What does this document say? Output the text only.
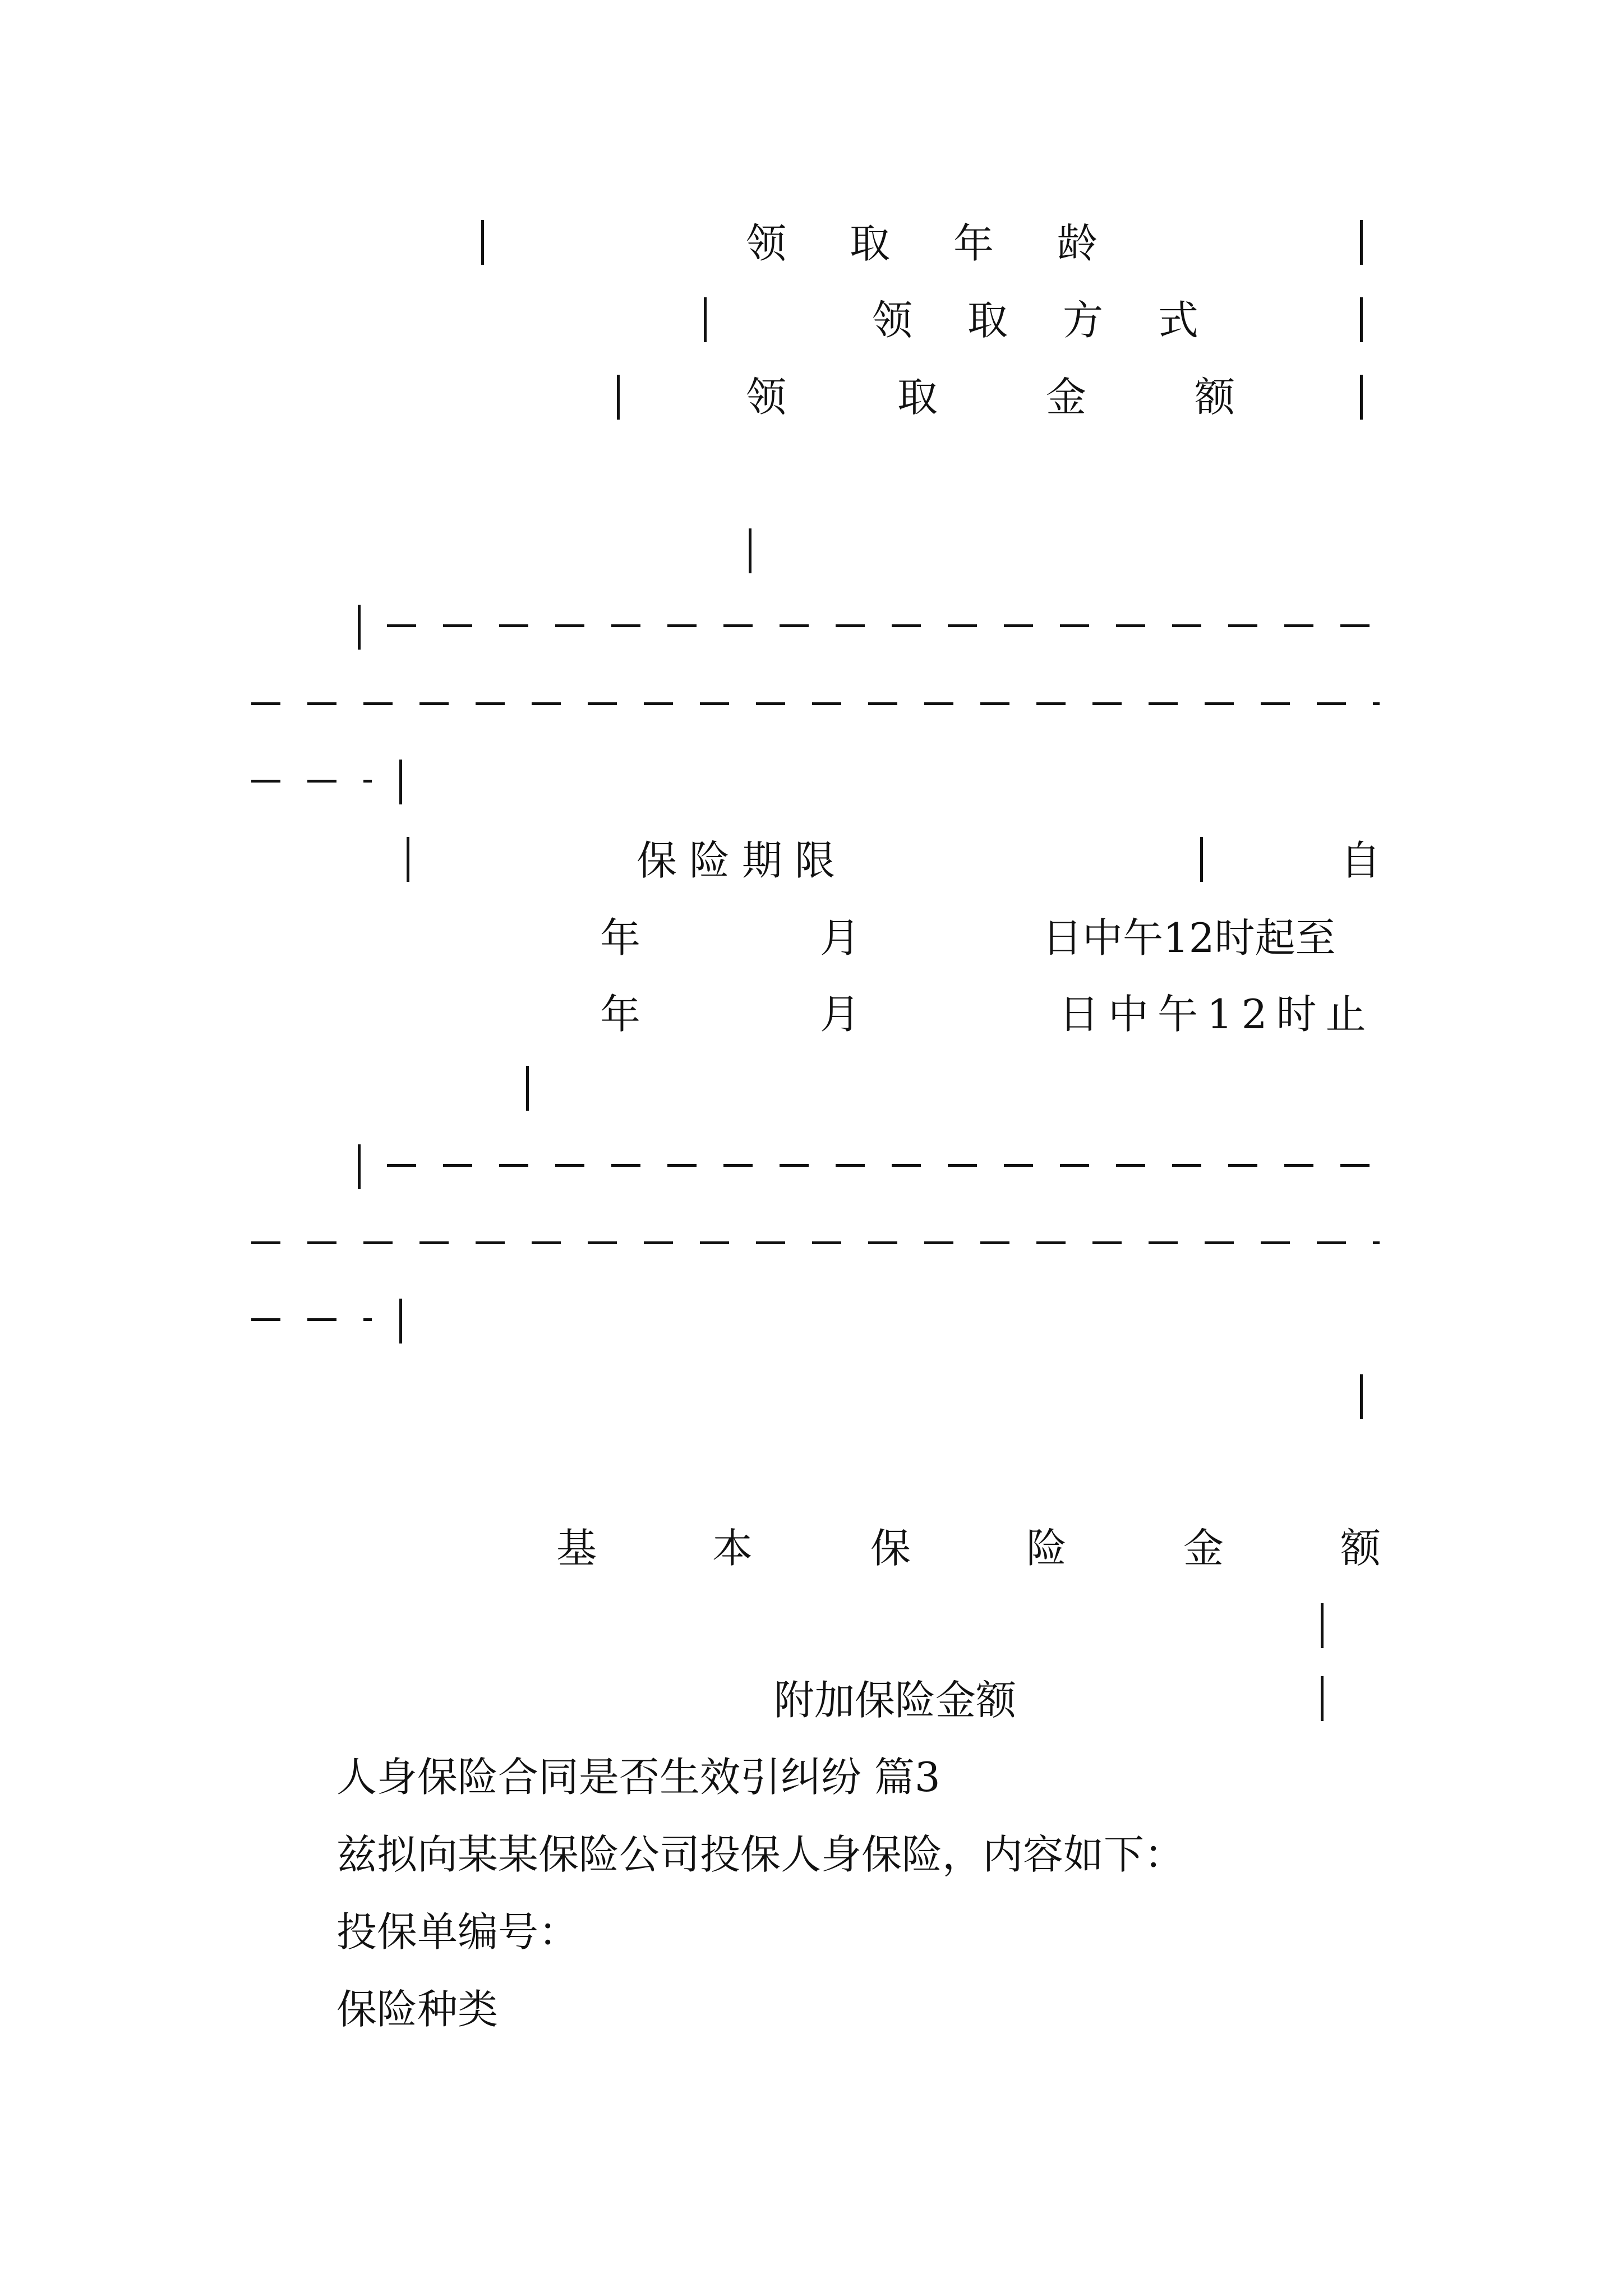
领 取 年 龄
领 取 方 式
领	取	金	额
保险期限	自
年	月	日中午12时起至
年	月	日中午12时止
基	本	保	险	金	额
附加保险金额
人身保险合同是否生效引纠纷 篇3
兹拟向某某保险公司投保人身保险，内容如下：
投保单编号：
保险种类
